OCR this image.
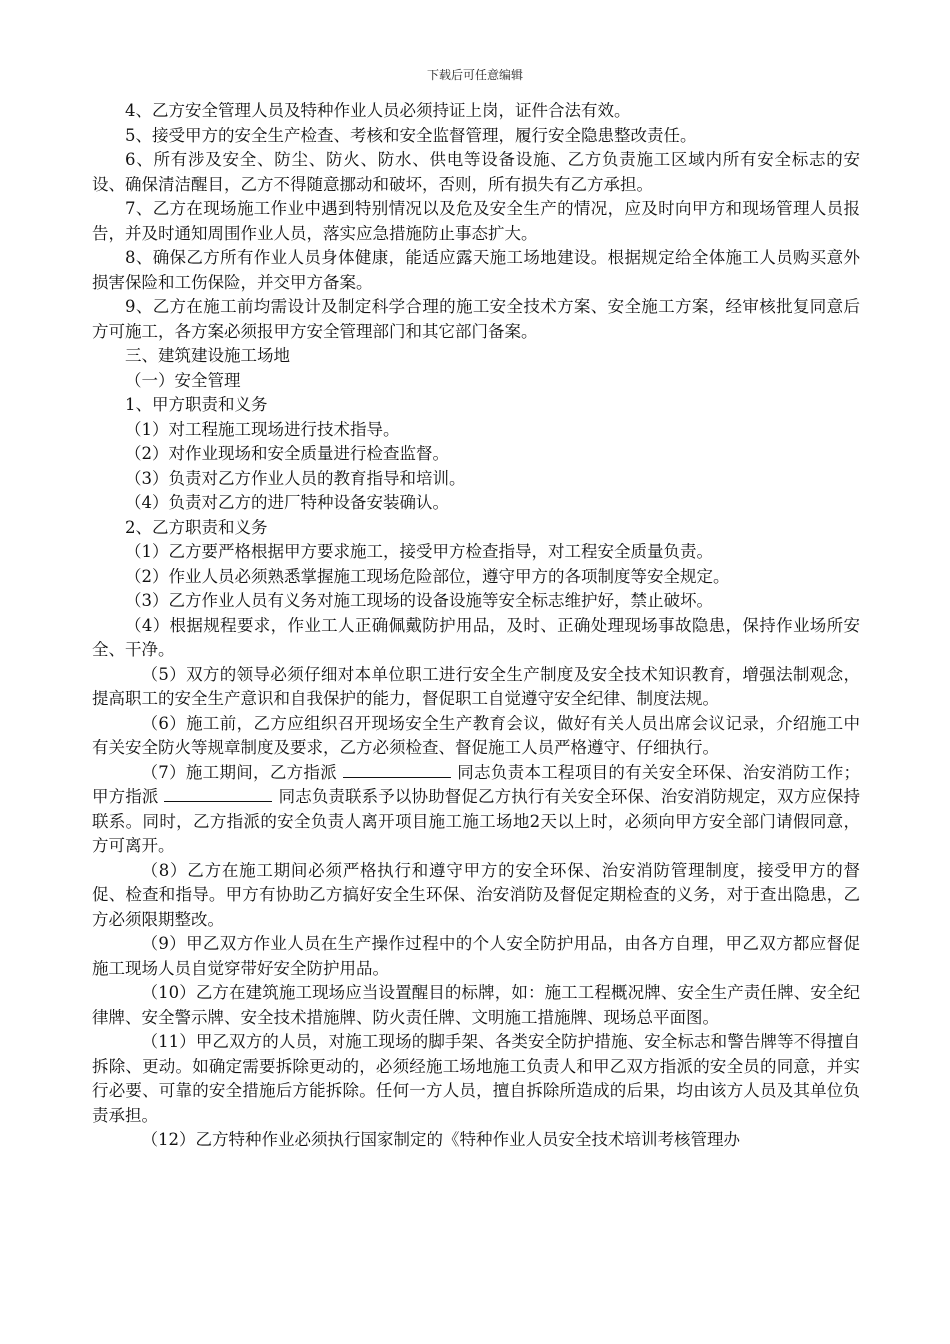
下载后可任意编辑

4、乙方安全管理人员及特种作业人员必须持证上岗，证件合法有效。

5、接受甲方的安全生产检查、考核和安全监督管理，履行安全隐患整改责任。

6、所有涉及安全、防尘、防火、防水、供电等设备设施、乙方负责施工区域内所有安全标志的安设、确保清洁醒目，乙方不得随意挪动和破坏，否则，所有损失有乙方承担。

7、乙方在现场施工作业中遇到特别情况以及危及安全生产的情况，应及时向甲方和现场管理人员报告，并及时通知周围作业人员，落实应急措施防止事态扩大。

8、确保乙方所有作业人员身体健康，能适应露天施工场地建设。根据规定给全体施工人员购买意外损害保险和工伤保险，并交甲方备案。

9、乙方在施工前均需设计及制定科学合理的施工安全技术方案、安全施工方案，经审核批复同意后方可施工，各方案必须报甲方安全管理部门和其它部门备案。

三、建筑建设施工场地

（一）安全管理

1、甲方职责和义务

（1）对工程施工现场进行技术指导。

（2）对作业现场和安全质量进行检查监督。

（3）负责对乙方作业人员的教育指导和培训。

（4）负责对乙方的进厂特种设备安装确认。

2、乙方职责和义务

（1）乙方要严格根据甲方要求施工，接受甲方检查指导，对工程安全质量负责。

（2）作业人员必须熟悉掌握施工现场危险部位，遵守甲方的各项制度等安全规定。

（3）乙方作业人员有义务对施工现场的设备设施等安全标志维护好，禁止破坏。

（4）根据规程要求，作业工人正确佩戴防护用品，及时、正确处理现场事故隐患，保持作业场所安全、干净。

（5）双方的领导必须仔细对本单位职工进行安全生产制度及安全技术知识教育，增强法制观念，提高职工的安全生产意识和自我保护的能力，督促职工自觉遵守安全纪律、制度法规。

（6）施工前，乙方应组织召开现场安全生产教育会议，做好有关人员出席会议记录，介绍施工中有关安全防火等规章制度及要求，乙方必须检查、督促施工人员严格遵守、仔细执行。

（7）施工期间，乙方指派	同志负责本工程项目的有关安全环保、治安消防工作；甲方指派	同志负责联系予以协助督促乙方执行有关安全环保、治安消防规定，双方应保持联系。同时，乙方指派的安全负责人离开项目施工施工场地2天以上时，必须向甲方安全部门请假同意，方可离开。

（8）乙方在施工期间必须严格执行和遵守甲方的安全环保、治安消防管理制度，接受甲方的督促、检查和指导。甲方有协助乙方搞好安全生环保、治安消防及督促定期检查的义务，对于查出隐患，乙方必须限期整改。

（9）甲乙双方作业人员在生产操作过程中的个人安全防护用品，由各方自理，甲乙双方都应督促施工现场人员自觉穿带好安全防护用品。

（10）乙方在建筑施工现场应当设置醒目的标牌，如：施工工程概况牌、安全生产责任牌、安全纪律牌、安全警示牌、安全技术措施牌、防火责任牌、文明施工措施牌、现场总平面图。

（11）甲乙双方的人员，对施工现场的脚手架、各类安全防护措施、安全标志和警告牌等不得擅自拆除、更动。如确定需要拆除更动的，必须经施工场地施工负责人和甲乙双方指派的安全员的同意，并实行必要、可靠的安全措施后方能拆除。任何一方人员，擅自拆除所造成的后果，均由该方人员及其单位负责承担。

（12）乙方特种作业必须执行国家制定的《特种作业人员安全技术培训考核管理办
